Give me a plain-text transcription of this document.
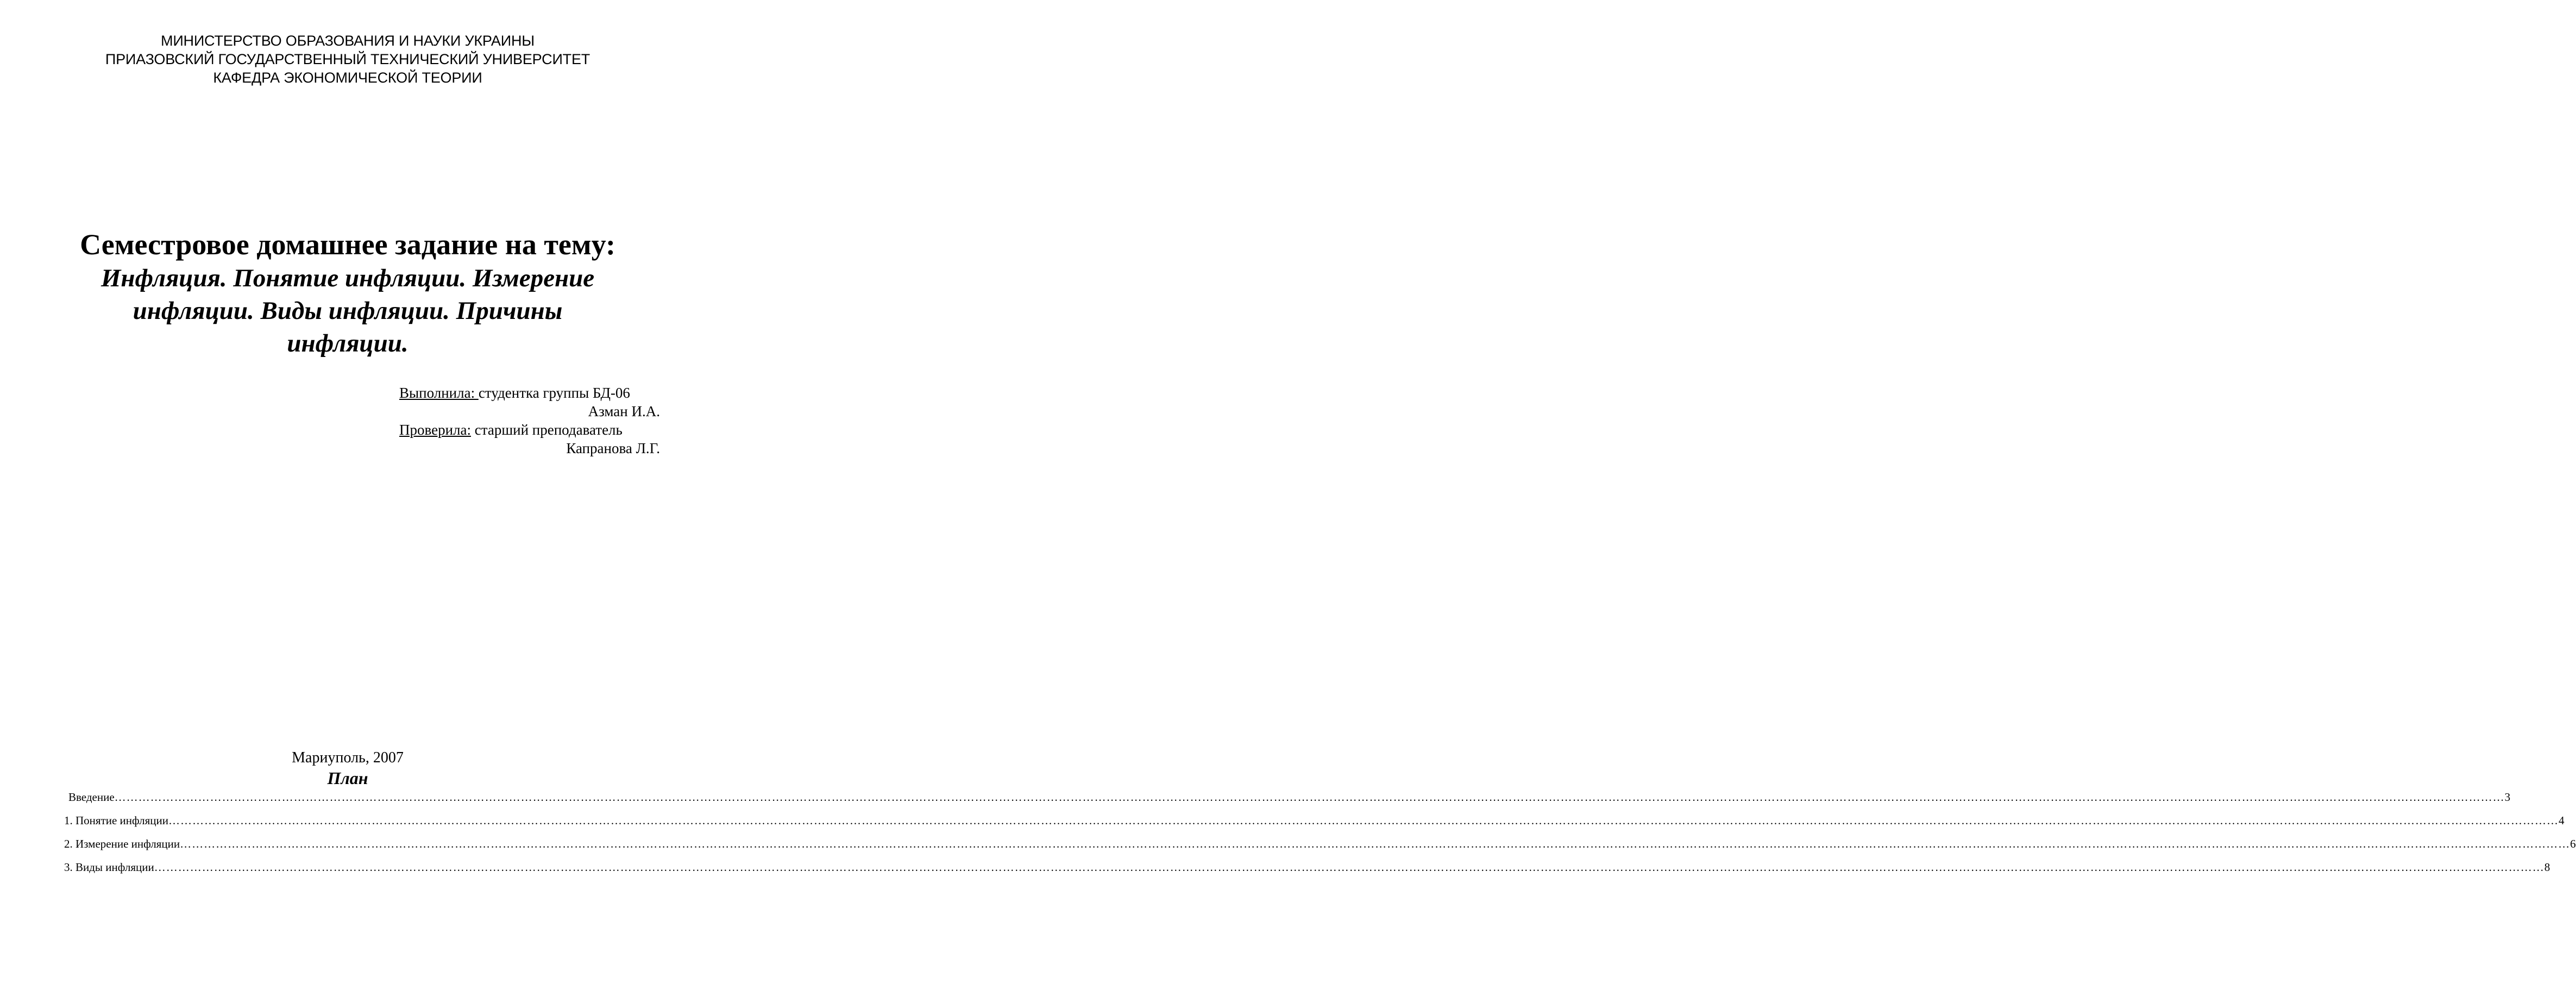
МИНИСТЕРСТВО ОБРАЗОВАНИЯ И НАУКИ УКРАИНЫ
ПРИАЗОВСКИЙ ГОСУДАРСТВЕННЫЙ ТЕХНИЧЕСКИЙ УНИВЕРСИТЕТ
КАФЕДРА ЭКОНОМИЧЕСКОЙ ТЕОРИИ
Семестровое домашнее задание на тему:
Инфляция. Понятие инфляции. Измерение инфляции. Виды инфляции. Причины инфляции.
Выполнила: студентка группы БД-06
Азман И.А.
Проверила: старший преподаватель
Капранова Л.Г.
Мариуполь, 2007
План
Введение …………………………………………………………………………………………………………………………………………………………………………………………………………………………………………………………………………………………………………………………………………………………………………………………………………………………………………………………………………………………………………………………………………………… 3
1. Понятие инфляции …………………………………………………………………………………………………………………………………………………………………………………………………………………………………………………………………………………………………………………………………………………………………………………………………………………………………………………………………………………………………………………………………………………… 4
2. Измерение инфляции …………………………………………………………………………………………………………………………………………………………………………………………………………………………………………………………………………………………………………………………………………………………………………………………………………………………………………………………………………………………………………………………………………………… 6
3. Виды инфляции …………………………………………………………………………………………………………………………………………………………………………………………………………………………………………………………………………………………………………………………………………………………………………………………………………………………………………………………………………………………………………………………………………………… 8
